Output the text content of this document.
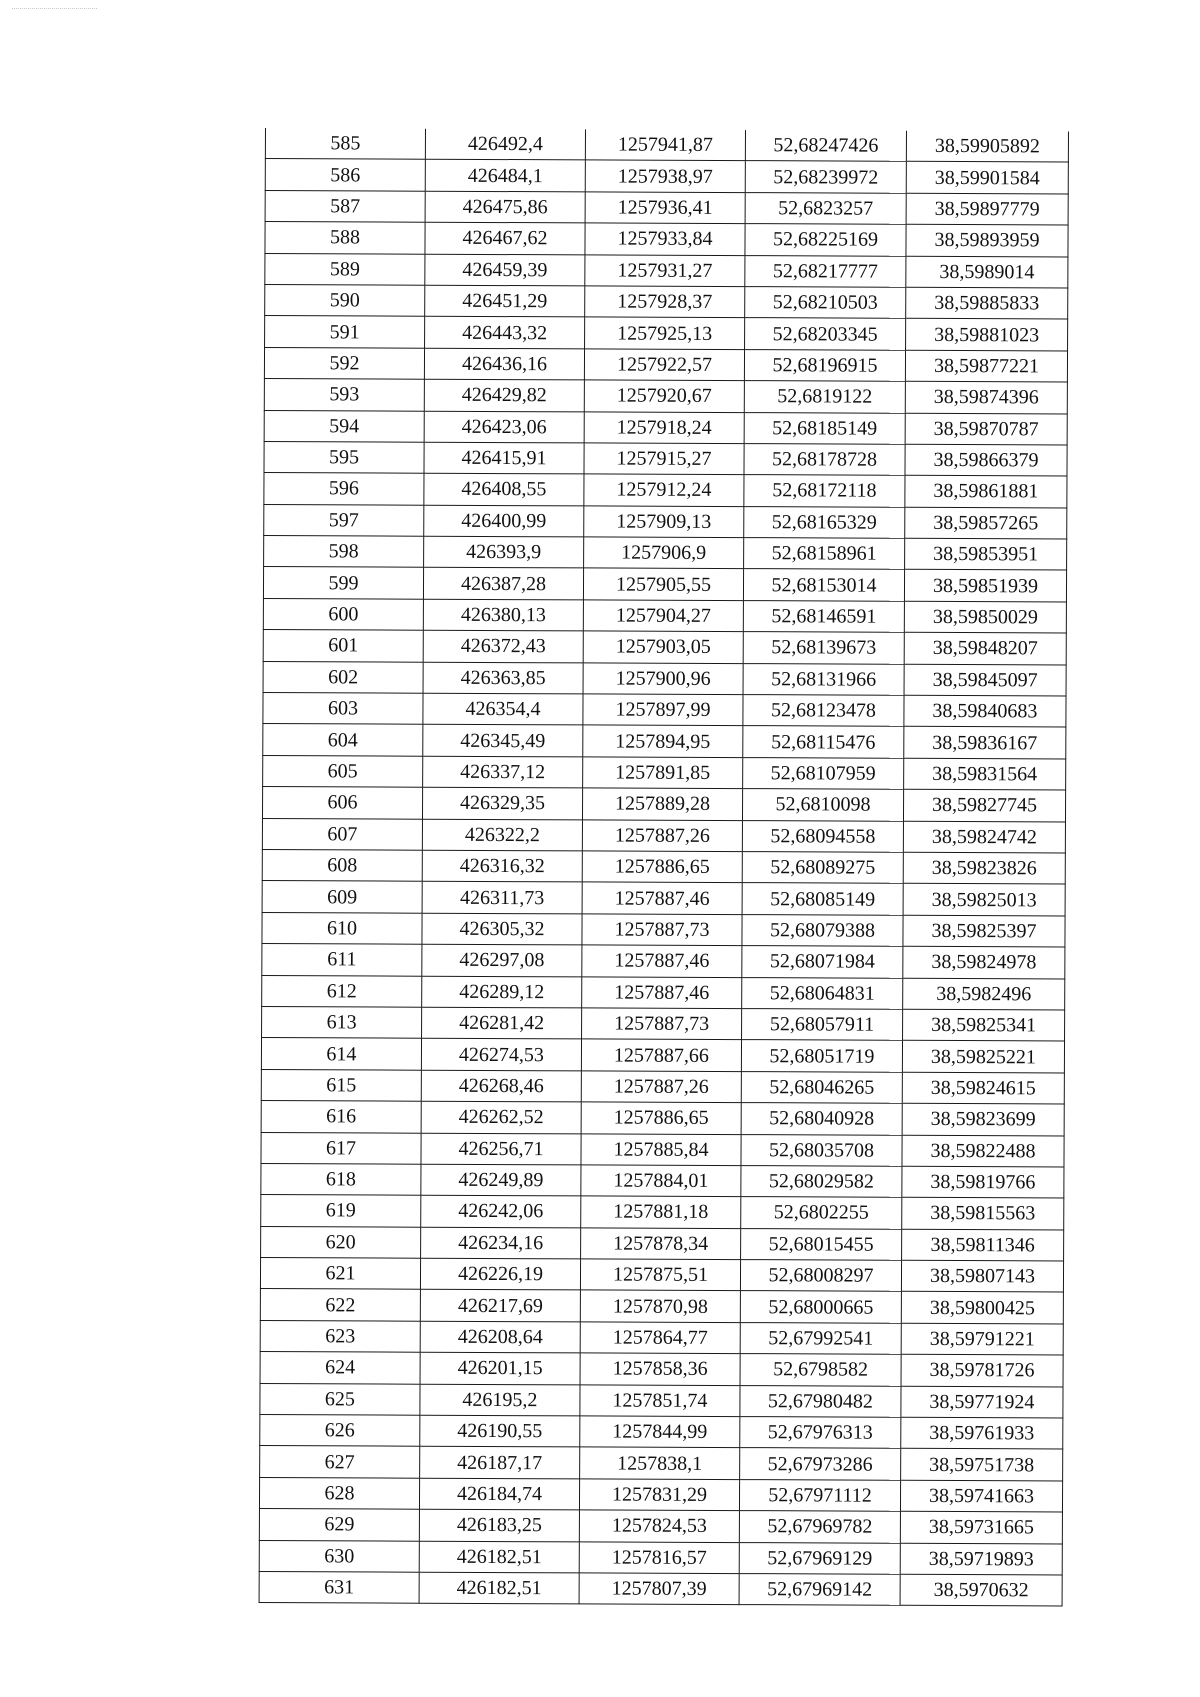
585	426492,4	1257941,87	52,68247426	38,59905892
586	426484,1	1257938,97	52,68239972	38,59901584
587	426475,86	1257936,41	52,6823257	38,59897779
588	426467,62	1257933,84	52,68225169	38,59893959
589	426459,39	1257931,27	52,68217777	38,5989014
590	426451,29	1257928,37	52,68210503	38,59885833
591	426443,32	1257925,13	52,68203345	38,59881023
592	426436,16	1257922,57	52,68196915	38,59877221
593	426429,82	1257920,67	52,6819122	38,59874396
594	426423,06	1257918,24	52,68185149	38,59870787
595	426415,91	1257915,27	52,68178728	38,59866379
596	426408,55	1257912,24	52,68172118	38,59861881
597	426400,99	1257909,13	52,68165329	38,59857265
598	426393,9	1257906,9	52,68158961	38,59853951
599	426387,28	1257905,55	52,68153014	38,59851939
600	426380,13	1257904,27	52,68146591	38,59850029
601	426372,43	1257903,05	52,68139673	38,59848207
602	426363,85	1257900,96	52,68131966	38,59845097
603	426354,4	1257897,99	52,68123478	38,59840683
604	426345,49	1257894,95	52,68115476	38,59836167
605	426337,12	1257891,85	52,68107959	38,59831564
606	426329,35	1257889,28	52,6810098	38,59827745
607	426322,2	1257887,26	52,68094558	38,59824742
608	426316,32	1257886,65	52,68089275	38,59823826
609	426311,73	1257887,46	52,68085149	38,59825013
610	426305,32	1257887,73	52,68079388	38,59825397
611	426297,08	1257887,46	52,68071984	38,59824978
612	426289,12	1257887,46	52,68064831	38,5982496
613	426281,42	1257887,73	52,68057911	38,59825341
614	426274,53	1257887,66	52,68051719	38,59825221
615	426268,46	1257887,26	52,68046265	38,59824615
616	426262,52	1257886,65	52,68040928	38,59823699
617	426256,71	1257885,84	52,68035708	38,59822488
618	426249,89	1257884,01	52,68029582	38,59819766
619	426242,06	1257881,18	52,6802255	38,59815563
620	426234,16	1257878,34	52,68015455	38,59811346
621	426226,19	1257875,51	52,68008297	38,59807143
622	426217,69	1257870,98	52,68000665	38,59800425
623	426208,64	1257864,77	52,67992541	38,59791221
624	426201,15	1257858,36	52,6798582	38,59781726
625	426195,2	1257851,74	52,67980482	38,59771924
626	426190,55	1257844,99	52,67976313	38,59761933
627	426187,17	1257838,1	52,67973286	38,59751738
628	426184,74	1257831,29	52,67971112	38,59741663
629	426183,25	1257824,53	52,67969782	38,59731665
630	426182,51	1257816,57	52,67969129	38,59719893
631	426182,51	1257807,39	52,67969142	38,5970632
